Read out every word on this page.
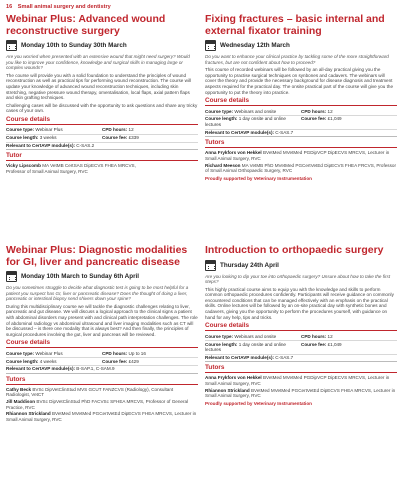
16 Small animal surgery and dentistry
Webinar Plus: Advanced wound reconstructive surgery
Monday 10th to Sunday 30th March
Are you worried when presented with an extensive wound that might need surgery? Would you like to improve your confidence, knowledge and surgical skills in managing large or complex wounds?
The course will provide you with a solid foundation to understand the principles of wound reconstruction as well as practical tips for performing wound reconstruction. The course will update your knowledge of advanced wound reconstruction techniques, including skin stretching, negative pressure wound therapy, omentalisation, local flaps, axial pattern flaps and skin grafting techniques.
Challenging cases will be discussed with the opportunity to ask questions and share any tricky cases of your own.
Course details
Course type: Webinar Plus	CPD hours: 12
Course length: 3 weeks	Course fee: £339
Relevant to CertAVP module(s): C-SAS.2
Tutor
Vicky Lipscomb MA VetMB CertSAS DipECVS FHEA MRCVS,
Professor of Small Animal Surgery, RVC
Fixing fractures – basic internal and external fixator training
Wednesday 12th March
Do you want to enhance your clinical practice by tackling some of the more straightforward fractures, but are not confident about how to proceed?
This course of recorded webinars will be followed by an all-day practical giving you the opportunity to practise surgical techniques on synbones and cadavers. The webinars will cover the theory and provide the necessary background for disease diagnosis and treatment aspects required for the practical day. The onsite practical part of the course will give you the opportunity to put the theory into practice.
Course details
Course type: Webinars and onsite	CPD hours: 12
Course length: 1 day onsite and online lectures
Course fee: £1,049
Relevant to CertAVP module(s): C-SAS.7
Tutors
Anna Frykfors von Hekkel BVetMed MVetMed PGDipVCP DipECVS MRCVS, Lecturer in Small Animal Surgery, RVC
Richard Meeson MA VetMB PhD MVetMed PGCertVetEd DipECVS FHEA FRCVS, Professor of Small Animal Orthopaedic Surgery, RVC
Proudly supported by Veterinary Instrumentation
Webinar Plus: Diagnostic modalities for GI, liver and pancreatic disease
Monday 10th March to Sunday 6th April
Do you sometimes struggle to decide what diagnostic test is going to be most helpful for a patient you suspect has GI, liver or pancreatic disease? Does the thought of doing a liver, pancreatic or intestinal biopsy send shivers down your spine?
During this multidisciplinary course we will tackle the diagnostic challenges relating to liver, pancreatic and gut disease. We will discuss a logical approach to the clinical signs a patient with abdominal disorders may present with and clinical path interpretation challenges. The role of abdominal radiology vs abdominal ultrasound and liver imaging modalities such as CT will be discussed – is there one modality that is always best? And then finally, the principles of surgical procedures involving the gut, liver and pancreas will be reviewed.
Course details
Course type: Webinar Plus	CPD hours: Up to 16
Course length: 4 weeks	Course fee: £429
Relevant to CertAVP module(s): B-SAP.1, C-SAM.9
Tutors
Cathy Beck BVSc DipVetClinStud MVS GCUT FANZCVS (Radiology), Consultant Radiologist, VetCT
Jill Maddison BVSc DipVetClinStud PhD FACVSc SFHEA MRCVS, Professor of General Practice, RVC
Rhiannon Strickland BVetMed MVetMed PGCertVetEd DipECVS FHEA MRCVS, Lecturer in Small Animal Surgery, RVC
Introduction to orthopaedic surgery
Thursday 24th April
Are you looking to dip your toe into orthopaedic surgery? Unsure about how to take the first steps?
This highly practical course aims to equip you with the knowledge and skills to perform common orthopaedic procedures confidently. Participants will receive guidance on commonly encountered conditions that can be managed effectively with an emphasis on the practical skills. Online lectures will be followed by an on-site practical day with synthetic bones and cadavers, giving you the opportunity to perform the procedures yourself, with guidance on hand for any help, tips and tricks.
Course details
Course type: Webinars and onsite	CPD hours: 12
Course length: 1 day onsite and online lectures
Course fee: £1,049
Relevant to CertAVP module(s): C-SAS.7
Tutors
Anna Frykfors von Hekkel BVetMed MVetMed PGDipVCP DipECVS MRCVS, Lecturer in Small Animal Surgery, RVC
Rhiannon Strickland BVetMed MVetMed PGCertVetEd DipECVS FHEA MRCVS, Lecturer in Small Animal Surgery, RVC
Proudly supported by Veterinary Instrumentation
